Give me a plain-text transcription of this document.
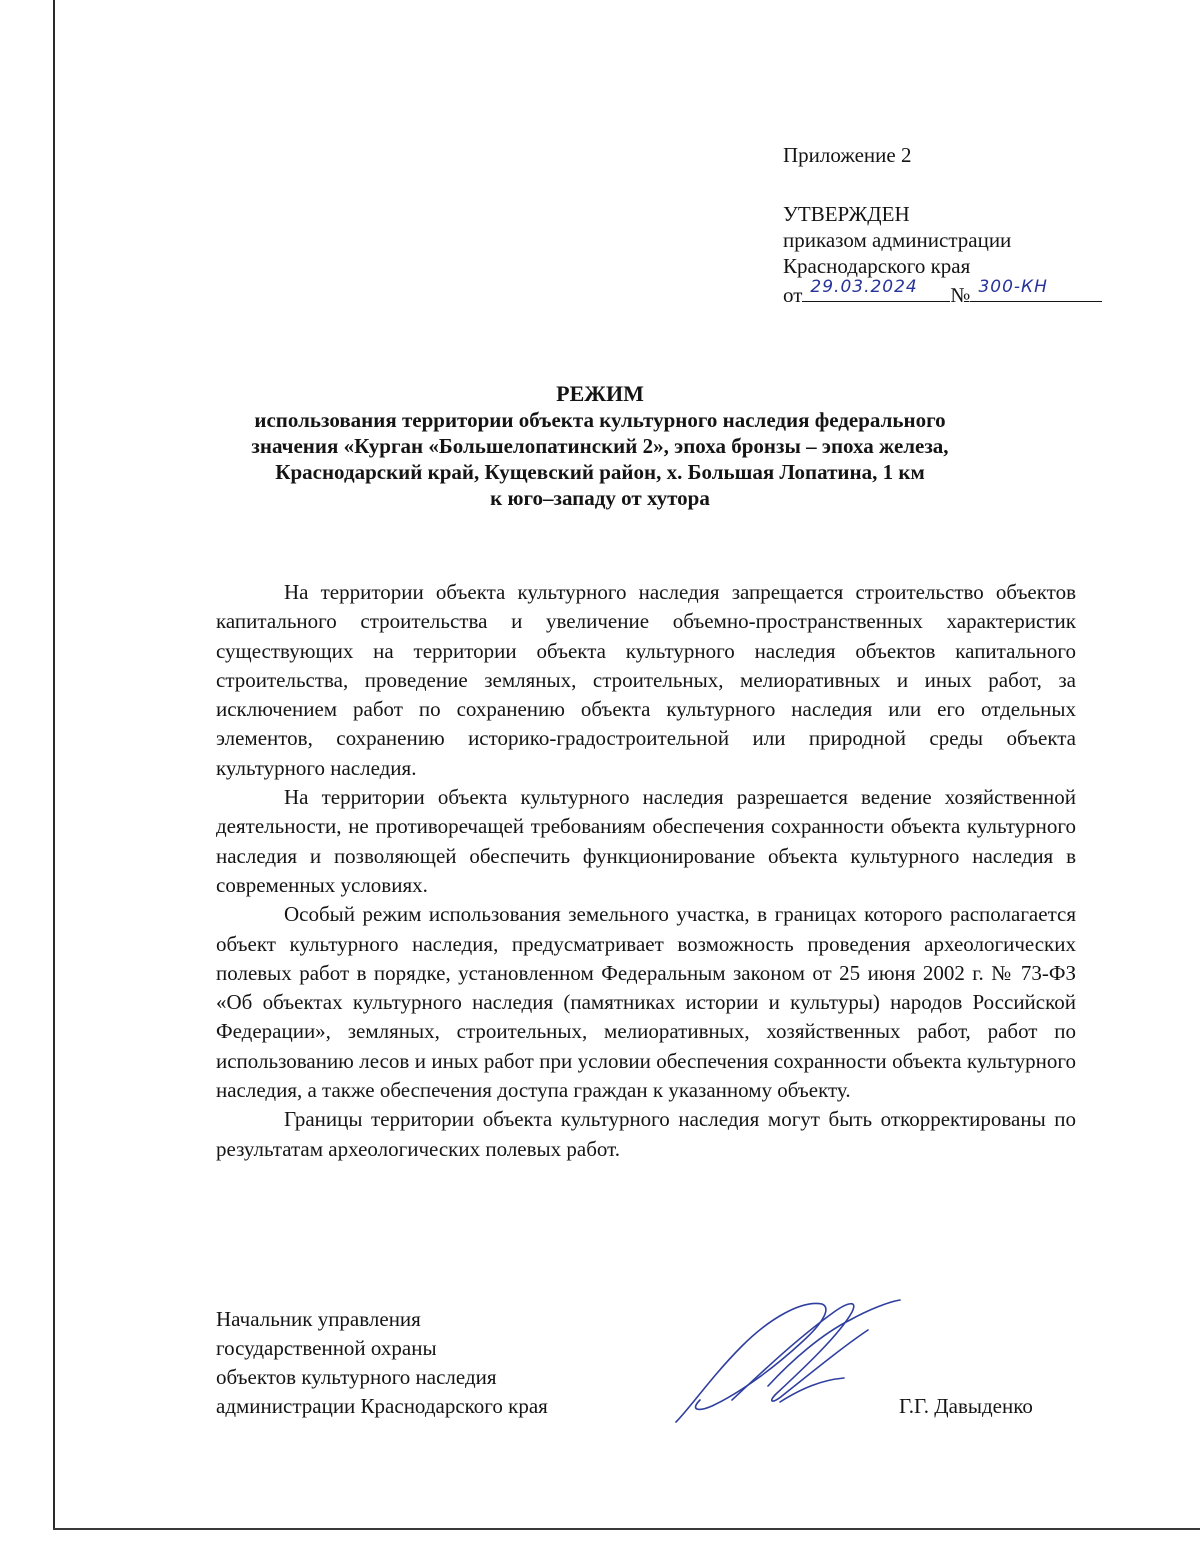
Приложение 2
УТВЕРЖДЕН
приказом администрации
Краснодарского края
от 29.03.2024 № 300-КН
РЕЖИМ
использования территории объекта культурного наследия федерального
значения «Курган «Большелопатинский 2», эпоха бронзы – эпоха железа,
Краснодарский край, Кущевский район, х. Большая Лопатина, 1 км
к юго–западу от хутора

На территории объекта культурного наследия запрещается строительство объектов капитального строительства и увеличение объемно-пространственных характеристик существующих на территории объекта культурного наследия объектов капитального строительства, проведение земляных, строительных, мелиоративных и иных работ, за исключением работ по сохранению объекта культурного наследия или его отдельных элементов, сохранению историко-градостроительной или природной среды объекта культурного наследия.

На территории объекта культурного наследия разрешается ведение хозяйственной деятельности, не противоречащей требованиям обеспечения сохранности объекта культурного наследия и позволяющей обеспечить функционирование объекта культурного наследия в современных условиях.

Особый режим использования земельного участка, в границах которого располагается объект культурного наследия, предусматривает возможность проведения археологических полевых работ в порядке, установленном Федеральным законом от 25 июня 2002 г. № 73-ФЗ «Об объектах культурного наследия (памятниках истории и культуры) народов Российской Федерации», земляных, строительных, мелиоративных, хозяйственных работ, работ по использованию лесов и иных работ при условии обеспечения сохранности объекта культурного наследия, а также обеспечения доступа граждан к указанному объекту.

Границы территории объекта культурного наследия могут быть откорректированы по результатам археологических полевых работ.

Начальник управления
государственной охраны
объектов культурного наследия
администрации Краснодарского края	Г.Г. Давыденко
